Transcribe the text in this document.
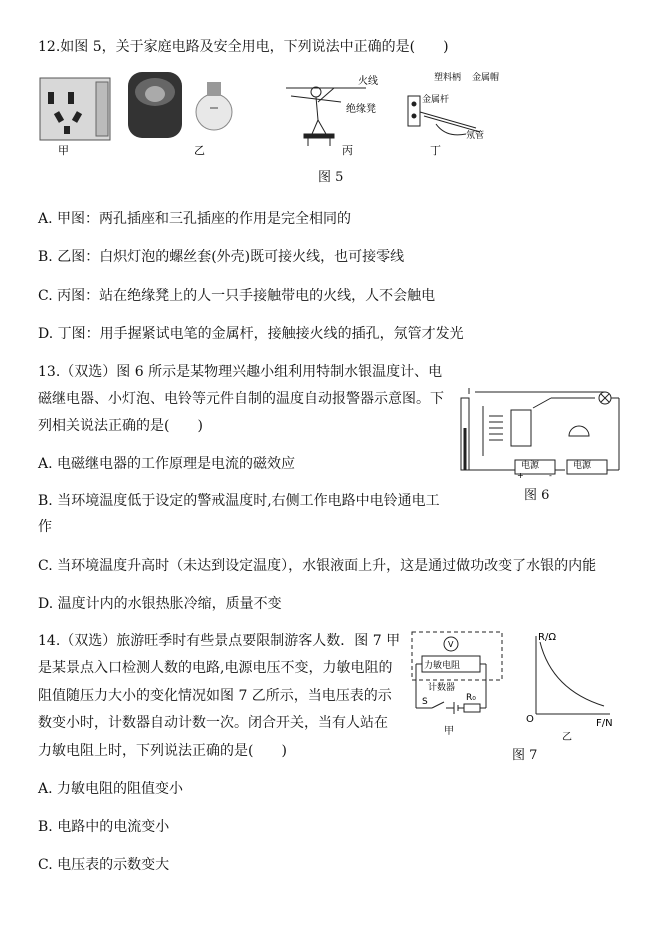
12.如图 5，关于家庭电路及安全用电，下列说法中正确的是(　　)
甲	乙
火线
绝缘凳
丙
塑料柄 金属帽
金属杆
氖管
丁
图 5
A. 甲图：两孔插座和三孔插座的作用是完全相同的
B. 乙图：白炽灯泡的螺丝套(外壳)既可接火线，也可接零线
C. 丙图：站在绝缘凳上的人一只手接触带电的火线，人不会触电
D. 丁图：用手握紧试电笔的金属杆，接触接火线的插孔，氖管才发光
13.（双选）图 6 所示是某物理兴趣小组利用特制水银温度计、电
磁继电器、小灯泡、电铃等元件自制的温度自动报警器示意图。下
列相关说法正确的是(　　)
电源	电源
+	-
图 6
A. 电磁继电器的工作原理是电流的磁效应
B. 当环境温度低于设定的警戒温度时,右侧工作电路中电铃通电工
作
C. 当环境温度升高时（未达到设定温度），水银液面上升，这是通过做功改变了水银的内能
D. 温度计内的水银热胀冷缩，质量不变
14.（双选）旅游旺季时有些景点要限制游客人数．图 7 甲
是某景点入口检测人数的电路,电源电压不变，力敏电阻的
阻值随压力大小的变化情况如图 7 乙所示，当电压表的示
数变小时，计数器自动计数一次。闭合开关，当有人站在
力敏电阻上时，下列说法正确的是(　　)
力敏电阻
V
计数器
S	R₀
甲
R/Ω
F/N
O
乙
图 7
A. 力敏电阻的阻值变小
B. 电路中的电流变小
C. 电压表的示数变大
